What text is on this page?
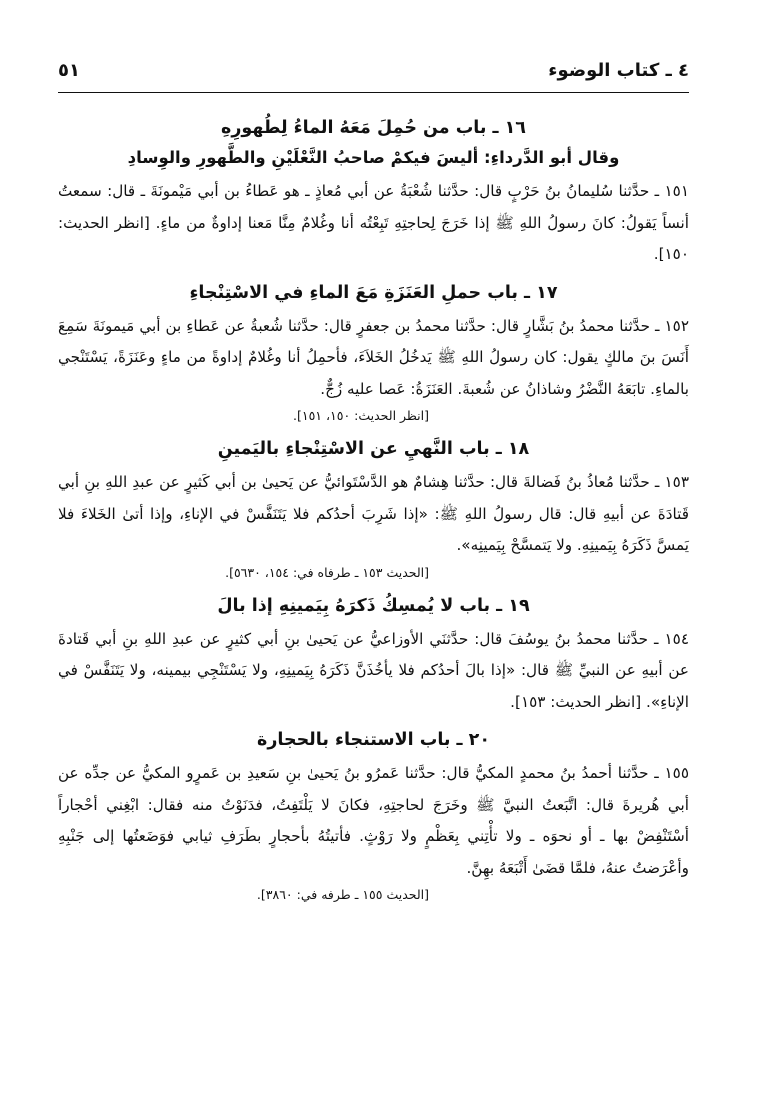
٤ ـ كتاب الوضوء
٥١
١٦ ـ باب من حُمِلَ مَعَهُ الماءُ لِطُهورِهِ
وقال أبو الدَّرداءِ: أليسَ فيكمْ صاحبُ النَّعْلَيْنِ والطَّهورِ والوِسادِ

١٥١ ـ حدَّثنا سُليمانُ بنُ حَرْبٍ قال: حدَّثنا شُعْبَةُ عن أبي مُعاذٍ ـ هو عَطاءُ بن أبي مَيْمونَةَ ـ قال: سمعتُ أنساً يَقولُ: كانَ رسولُ اللهِ ﷺ إذا خَرَجَ لِحاجتِهِ تَبِعْتُه أنا وغُلامٌ مِنَّا مَعنا إداوةٌ من ماءٍ. [انظر الحديث: ١٥٠].

١٧ ـ باب حملِ العَنَزَةِ مَعَ الماءِ في الاسْتِنْجاءِ

١٥٢ ـ حدَّثنا محمدُ بنُ بَشَّارٍ قال: حدَّثنا محمدُ بن جعفرٍ قال: حدَّثنا شُعبةُ عن عَطاءِ بن أبي مَيمونَةَ سَمِعَ أَنَسَ بنَ مالكٍ يقول: كان رسولُ اللهِ ﷺ يَدخُلُ الخَلاَءَ، فأحمِلُ أنا وغُلامٌ إداوةً من ماءٍ وعَنَزَةً، يَسْتَنْجي بالماءِ. تابَعَهُ النَّضْرُ وشاذانُ عن شُعبةَ. العَنَزَةُ: عَصا عليه زُجٌّ.

[انظر الحديث: ١٥٠، ١٥١].
١٨ ـ باب النَّهيِ عن الاسْتِنْجاءِ باليَمينِ

١٥٣ ـ حدَّثنا مُعاذُ بنُ فَضالةَ قال: حدَّثنا هِشامٌ هو الدَّسْتَوائيُّ عن يَحيىٰ بن أبي كَثيرٍ عن عبدِ اللهِ بنِ أبي قَتادَةَ عن أبيهِ قال: قال رسولُ اللهِ ﷺ: «إذا شَرِبَ أحدُكم فلا يَتَنَفَّسْ في الإناءِ، وإذا أتىٰ الخَلاءَ فلا يَمسَّ ذَكَرَهُ بِيَمينِهِ. ولا يَتمسَّحْ بِيَمينِه».

[الحديث ١٥٣ ـ طرفاه في: ١٥٤، ٥٦٣٠].
١٩ ـ باب لا يُمسِكُ ذَكرَهُ بِيَمينِهِ إذا بالَ

١٥٤ ـ حدَّثنا محمدُ بنُ يوسُفَ قال: حدَّثنَي الأوزاعيُّ عن يَحيىٰ بنِ أبي كثيرٍ عن عبدِ اللهِ بنِ أبي قَتادةَ عن أبيهِ عن النبيِّ ﷺ قال: «إذا بالَ أحدُكم فلا يأخُذَنَّ ذَكَرَهُ بِيَمينِهِ، ولا يَسْتَنْجِي بيمينه، ولا يَتَنَفَّسْ في الإناءِ». [انظر الحديث: ١٥٣].

٢٠ ـ باب الاستنجاء بالحجارة

١٥٥ ـ حدَّثنا أحمدُ بنُ محمدٍ المكيُّ قال: حدَّثنا عَمرُو بنُ يَحيىٰ بنِ سَعيدِ بن عَمرٍو المكيُّ عن جدِّه عن أبي هُريرةَ قال: اتَّبَعتُ النبيَّ ﷺ وخَرَجَ لحاجتِهِ، فكانَ لا يَلْتَفِتُ، فدَنَوْتُ منه فقال: ابْغِني أحْجاراً أسْتَنْفِضْ بها ـ أو نحوَه ـ ولا تأْتِني بِعَظْمٍ ولا رَوْثٍ. فأتيتُهُ بأحجارٍ بطَرَفِ ثيابي فوَضَعتُها إلى جَنْبِهِ وأعْرَضتُ عنهُ، فلمَّا قضَىٰ أَتْبَعَهُ بهِنَّ.

[الحديث ١٥٥ ـ طرفه في: ٣٨٦٠].
